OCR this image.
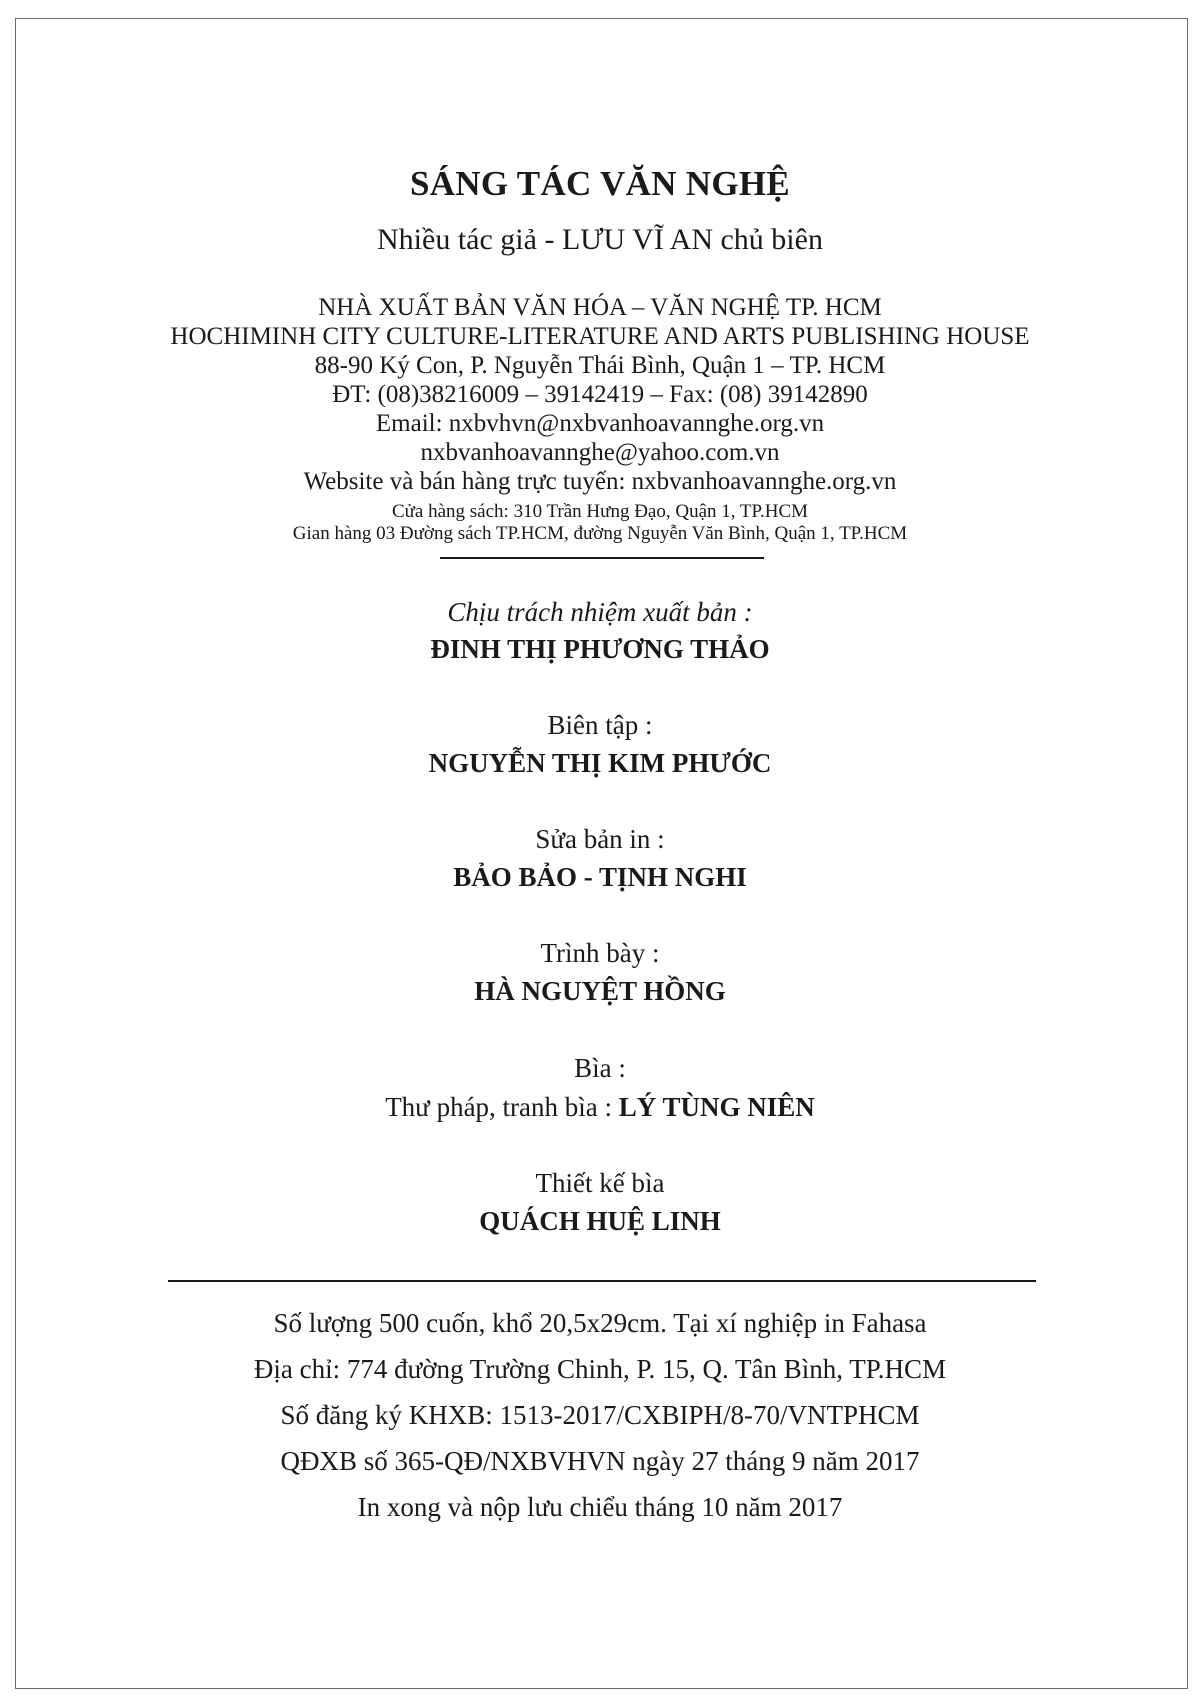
SÁNG TÁC VĂN NGHỆ
Nhiều tác giả - LƯU VĨ AN chủ biên
NHÀ XUẤT BẢN VĂN HÓA – VĂN NGHỆ TP. HCM
HOCHIMINH CITY CULTURE-LITERATURE AND ARTS PUBLISHING HOUSE
88-90 Ký Con, P. Nguyễn Thái Bình, Quận 1 – TP. HCM
ĐT: (08)38216009 – 39142419 – Fax: (08) 39142890
Email: nxbvhvn@nxbvanhoavannghe.org.vn
nxbvanhoavannghe@yahoo.com.vn
Website và bán hàng trực tuyến: nxbvanhoavannghe.org.vn
Cửa hàng sách: 310 Trần Hưng Đạo, Quận 1, TP.HCM
Gian hàng 03 Đường sách TP.HCM, đường Nguyễn Văn Bình, Quận 1, TP.HCM
Chịu trách nhiệm xuất bản :
ĐINH THỊ PHƯƠNG THẢO
Biên tập :
NGUYỄN THỊ KIM PHƯỚC
Sửa bản in :
BẢO BẢO - TỊNH NGHI
Trình bày :
HÀ NGUYỆT HỒNG
Bìa :
Thư pháp, tranh bìa : LÝ TÙNG NIÊN
Thiết kế bìa
QUÁCH HUỆ LINH
Số lượng 500 cuốn, khổ 20,5x29cm. Tại xí nghiệp in Fahasa
Địa chỉ: 774 đường Trường Chinh, P. 15, Q. Tân Bình, TP.HCM
Số đăng ký KHXB: 1513-2017/CXBIPH/8-70/VNTPHCM
QĐXB số 365-QĐ/NXBVHVN ngày 27 tháng 9 năm 2017
In xong và nộp lưu chiểu tháng 10 năm 2017
